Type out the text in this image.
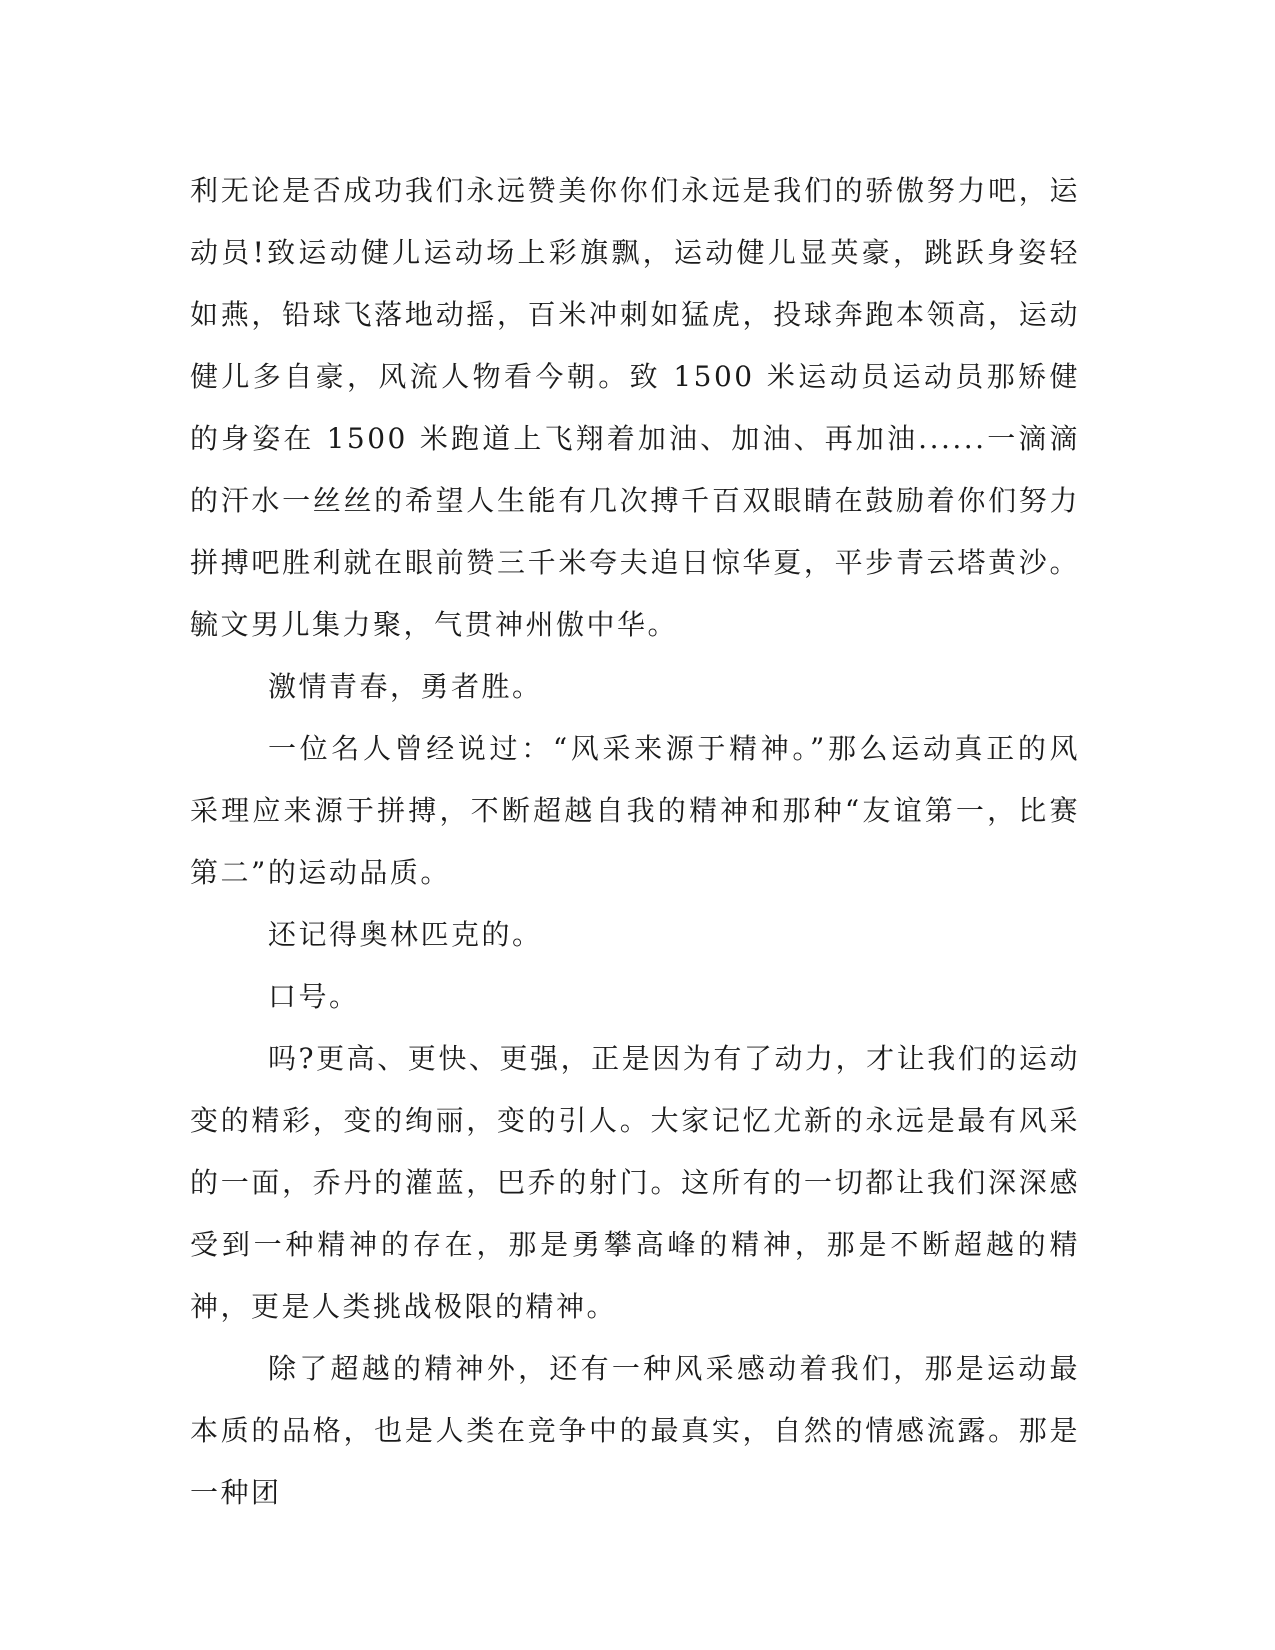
利无论是否成功我们永远赞美你你们永远是我们的骄傲努力吧，运动员!致运动健儿运动场上彩旗飘，运动健儿显英豪，跳跃身姿轻如燕，铅球飞落地动摇，百米冲刺如猛虎，投球奔跑本领高，运动健儿多自豪，风流人物看今朝。致 1500 米运动员运动员那矫健的身姿在 1500 米跑道上飞翔着加油、加油、再加油......一滴滴的汗水一丝丝的希望人生能有几次搏千百双眼睛在鼓励着你们努力拼搏吧胜利就在眼前赞三千米夸夫追日惊华夏，平步青云塔黄沙。毓文男儿集力聚，气贯神州傲中华。

激情青春，勇者胜。

一位名人曾经说过：“风采来源于精神。”那么运动真正的风采理应来源于拼搏，不断超越自我的精神和那种“友谊第一，比赛第二”的运动品质。

还记得奥林匹克的。

口号。

吗?更高、更快、更强，正是因为有了动力，才让我们的运动变的精彩，变的绚丽，变的引人。大家记忆尤新的永远是最有风采的一面，乔丹的灌蓝，巴乔的射门。这所有的一切都让我们深深感受到一种精神的存在，那是勇攀高峰的精神，那是不断超越的精神，更是人类挑战极限的精神。

除了超越的精神外，还有一种风采感动着我们，那是运动最本质的品格，也是人类在竞争中的最真实，自然的情感流露。那是一种团
